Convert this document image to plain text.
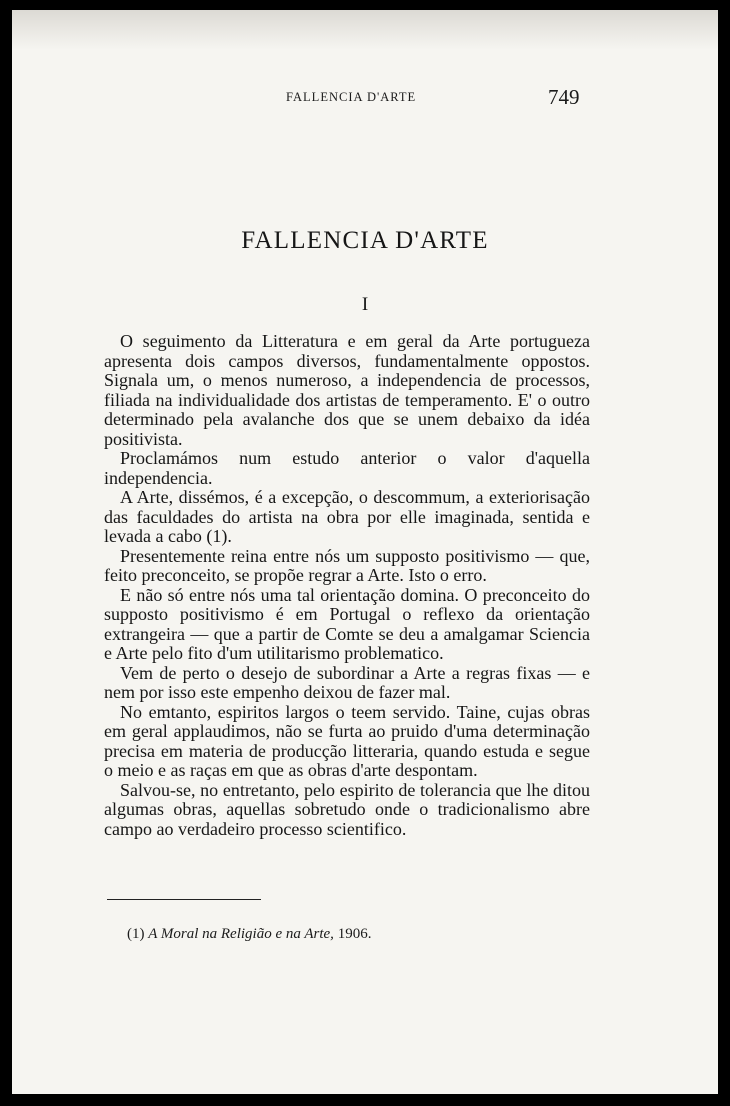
FALLENCIA D'ARTE	749
FALLENCIA D'ARTE
I

O seguimento da Litteratura e em geral da Arte portugueza apresenta dois campos diversos, fundamentalmente oppostos. Signala um, o menos numeroso, a independencia de processos, filiada na individualidade dos artistas de temperamento. E' o outro determinado pela avalanche dos que se unem debaixo da idéa positivista.

Proclamámos num estudo anterior o valor d'aquella independencia.

A Arte, dissémos, é a excepção, o descommum, a exteriorisação das faculdades do artista na obra por elle imaginada, sentida e levada a cabo (1).

Presentemente reina entre nós um supposto positivismo — que, feito preconceito, se propõe regrar a Arte. Isto o erro.

E não só entre nós uma tal orientação domina. O preconceito do supposto positivismo é em Portugal o reflexo da orientação extrangeira — que a partir de Comte se deu a amalgamar Sciencia e Arte pelo fito d'um utilitarismo problematico.

Vem de perto o desejo de subordinar a Arte a regras fixas — e nem por isso este empenho deixou de fazer mal.

No emtanto, espiritos largos o teem servido. Taine, cujas obras em geral applaudimos, não se furta ao pruido d'uma determinação precisa em materia de producção litteraria, quando estuda e segue o meio e as raças em que as obras d'arte despontam.

Salvou-se, no entretanto, pelo espirito de tolerancia que lhe ditou algumas obras, aquellas sobretudo onde o tradicionalismo abre campo ao verdadeiro processo scientifico.

(1) A Moral na Religião e na Arte, 1906.
